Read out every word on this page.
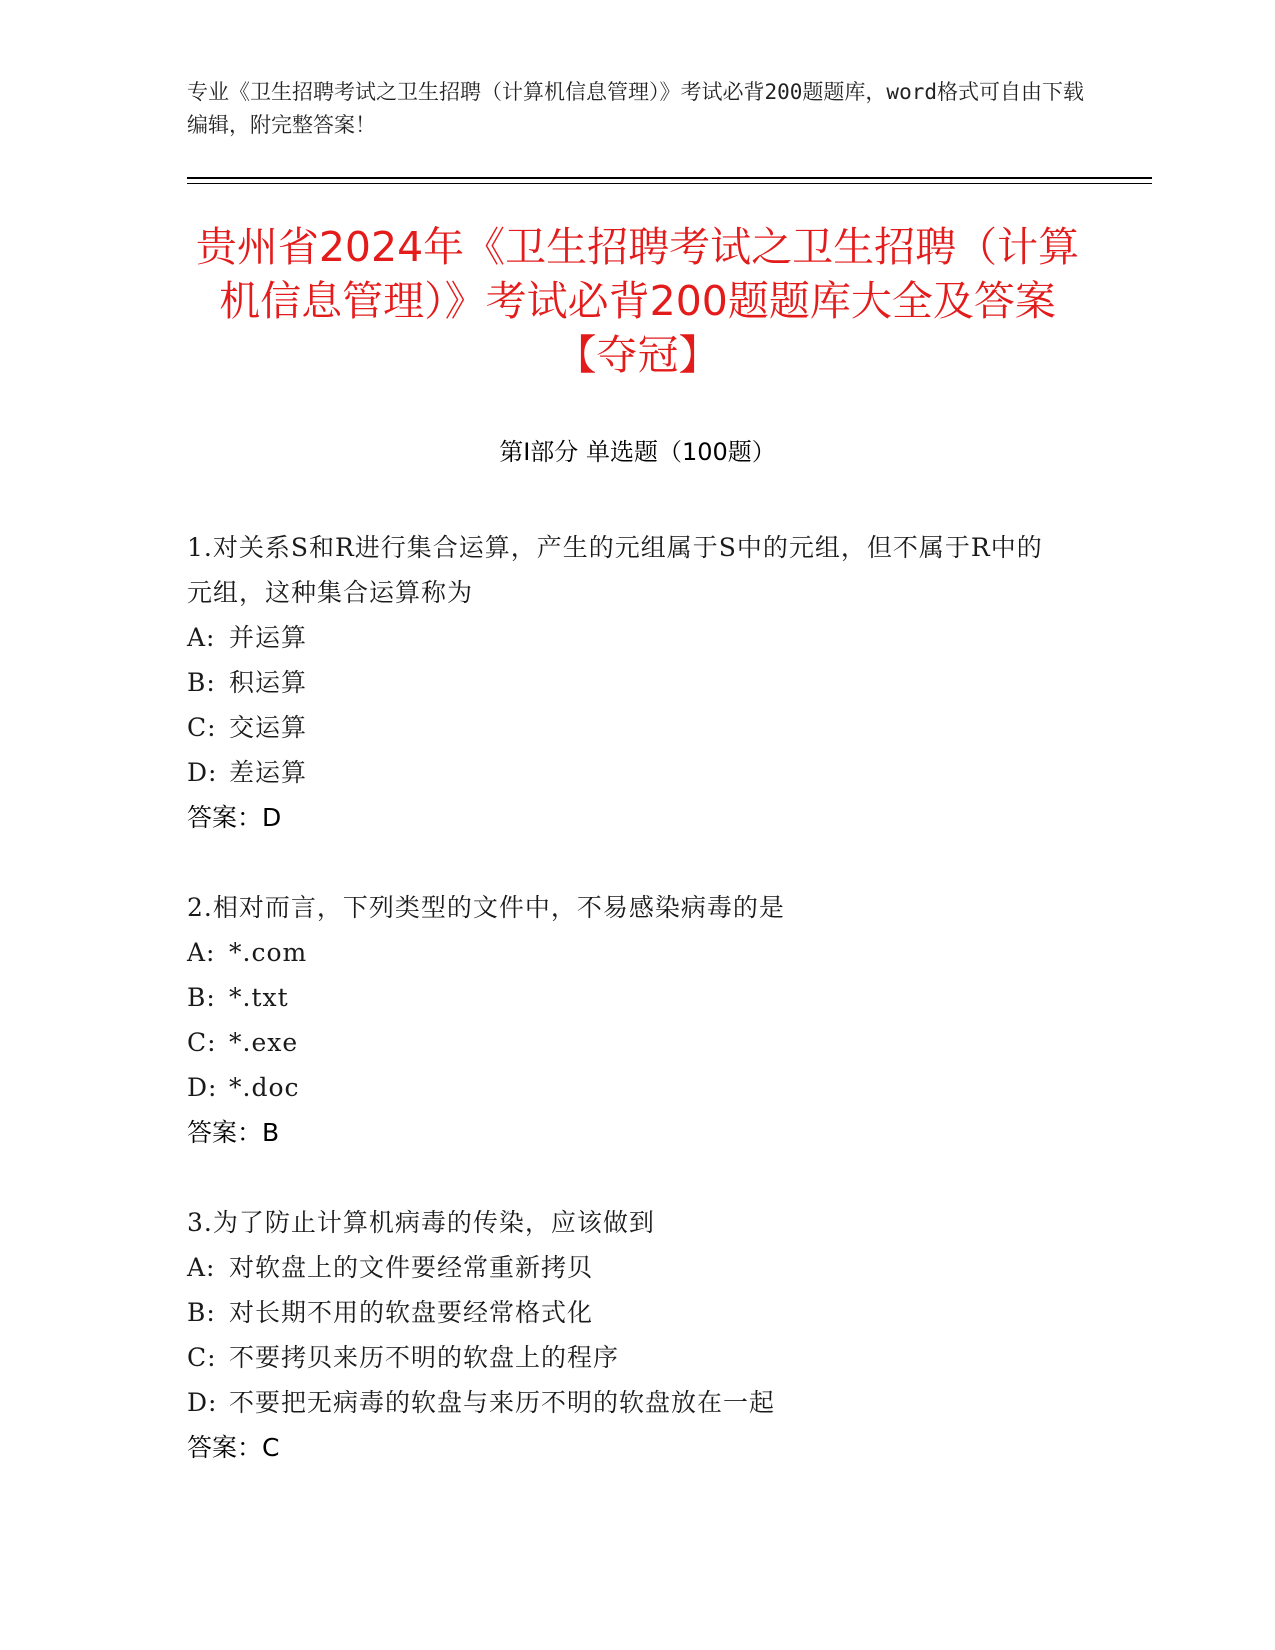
专业《卫生招聘考试之卫生招聘（计算机信息管理）》考试必背200题题库，word格式可自由下载编辑，附完整答案！
贵州省2024年《卫生招聘考试之卫生招聘（计算机信息管理）》考试必背200题题库大全及答案【夺冠】
第Ⅰ部分 单选题（100题）
1.对关系S和R进行集合运算，产生的元组属于S中的元组，但不属于R中的元组，这种集合运算称为
A: 并运算
B: 积运算
C: 交运算
D: 差运算
答案：D
2.相对而言，下列类型的文件中，不易感染病毒的是
A: *.com
B: *.txt
C: *.exe
D: *.doc
答案：B
3.为了防止计算机病毒的传染，应该做到
A: 对软盘上的文件要经常重新拷贝
B: 对长期不用的软盘要经常格式化
C: 不要拷贝来历不明的软盘上的程序
D: 不要把无病毒的软盘与来历不明的软盘放在一起
答案：C
